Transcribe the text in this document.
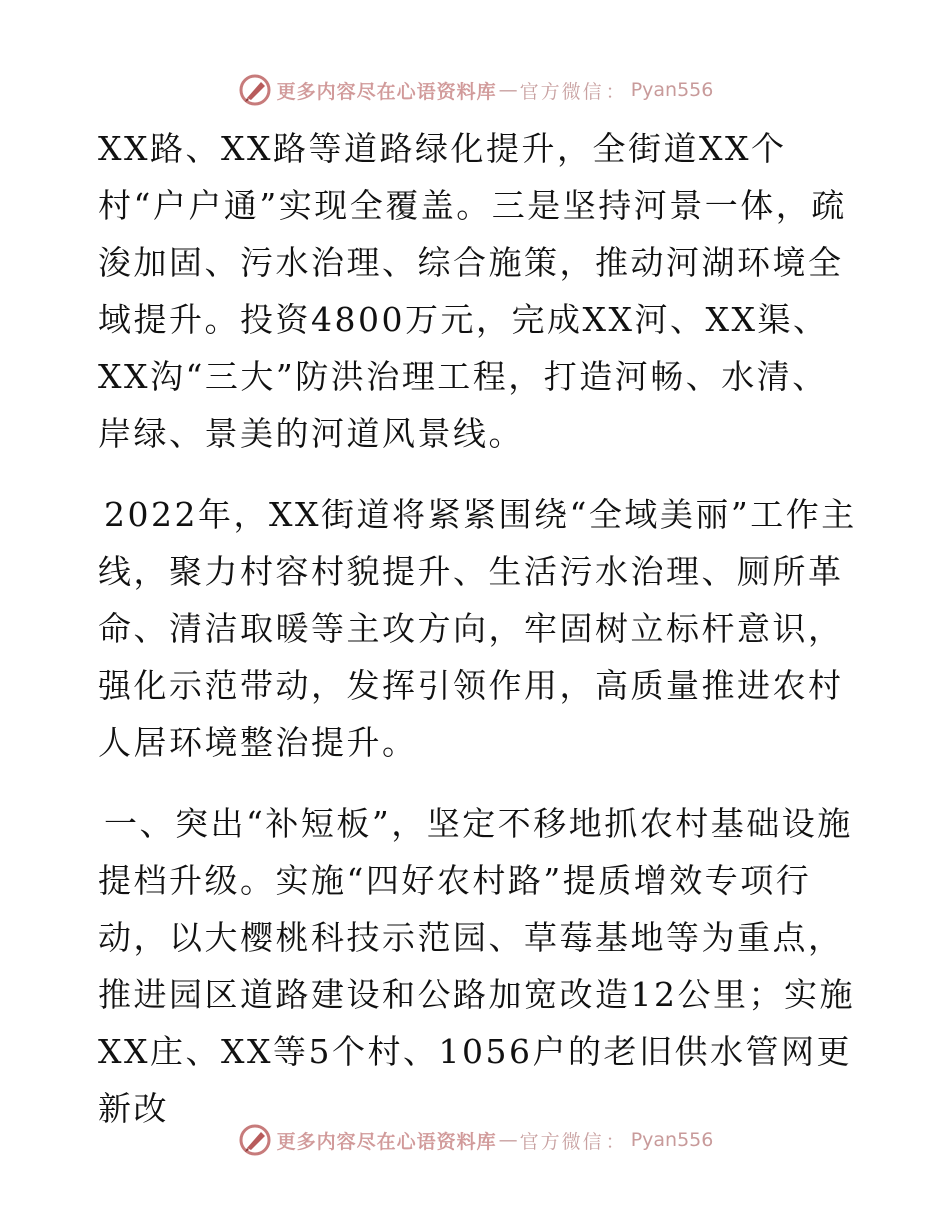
更多内容尽在心语资料库 — 官方微信 ： Pyan556

XX路、XX路等道路绿化提升，全街道XX个村“户户通”实现全覆盖。三是坚持河景一体，疏浚加固、污水治理、综合施策，推动河湖环境全域提升。投资4800万元，完成XX河、XX渠、XX沟“三大”防洪治理工程，打造河畅、水清、岸绿、景美的河道风景线。

2022年，XX街道将紧紧围绕“全域美丽”工作主线，聚力村容村貌提升、生活污水治理、厕所革命、清洁取暖等主攻方向，牢固树立标杆意识，强化示范带动，发挥引领作用，高质量推进农村人居环境整治提升。

一、突出“补短板”，坚定不移地抓农村基础设施提档升级。实施“四好农村路”提质增效专项行动，以大樱桃科技示范园、草莓基地等为重点，推进园区道路建设和公路加宽改造12公里；实施XX庄、XX等5个村、1056户的老旧供水管网更新改

更多内容尽在心语资料库 — 官方微信 ： Pyan556
